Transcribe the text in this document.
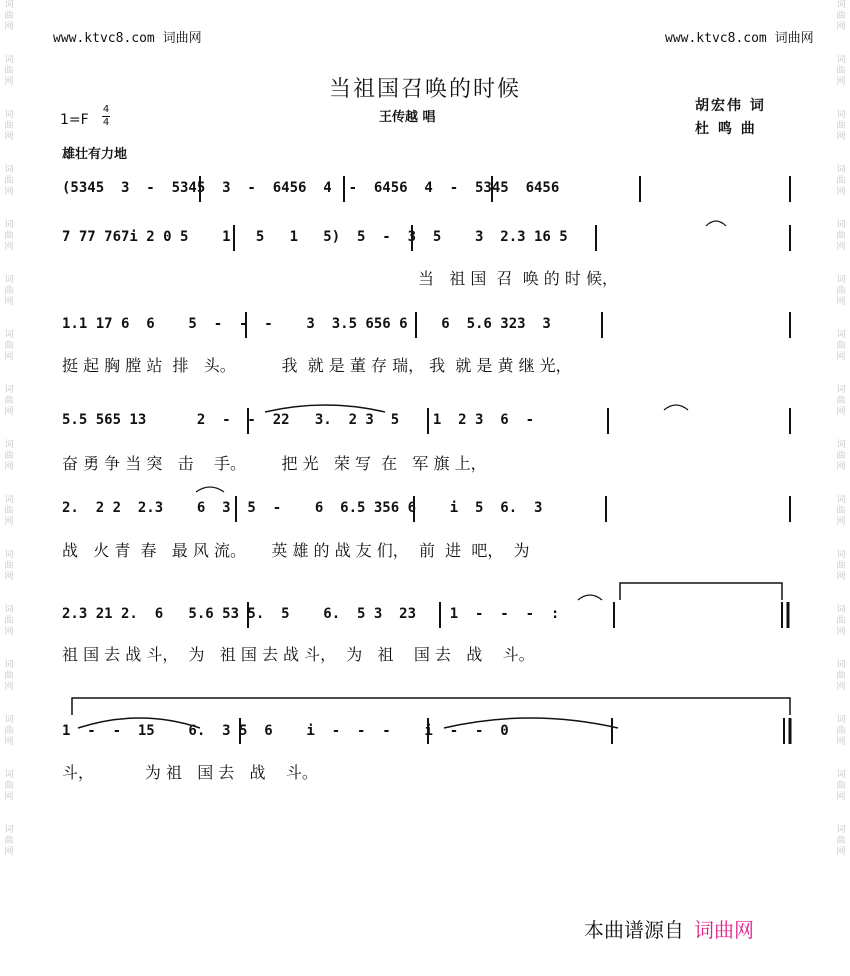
词
曲
网
词
曲
网
词
曲
网
词
曲
网
词
曲
网
词
曲
网
词
曲
网
词
曲
网
词
曲
网
词
曲
网
词
曲
网
词
曲
网
词
曲
网
词
曲
网
词
曲
网
词
曲
网
词
曲
网
词
曲
网
词
曲
网
词
曲
网
词
曲
网
词
曲
网
词
曲
网
词
曲
网
词
曲
网
词
曲
网
词
曲
网
词
曲
网
词
曲
网
词
曲
网
词
曲
网
词
曲
网
www.ktvc8.com 词曲网	www.ktvc8.com 词曲网
当祖国召唤的时候
王传越 唱
胡宏伟 词
杜 鸣 曲
1=F
4
4
雄壮有力地
(5345  3  -  5345  3  -  6456  4  -  6456  4  -  5345  6456
7 77 767i 2 0 5    1   5   1   5)  5  -  3  5    3  2.3 16 5
1.1 17 6  6    5  -  -  -    3  3.5 656 6    6  5.6 323  3
5.5 565 13      2  -  -  22   3.  2 3  5    1  2 3  6  -
2.  2 2  2.3    6  3  5  -    6  6.5 356 6    i  5  6.  3
2.3 21 2.  6   5.6 53 5.  5    6.  5 3  23    1  -  -  -  :
1  -  -  15    6.  3 5  6    i  -  -  -    i  -  -  0
当   祖 国  召  唤 的 时 候，
挺 起 胸 膛 站  排   头。         我  就 是 董 存 瑞， 我  就 是 黄 继 光，
奋 勇 争 当 突   击    手。       把 光   荣 写  在   军 旗 上，
战   火 青  春   最 风 流。     英 雄 的 战 友 们，  前  进  吧，  为
祖 国 去 战 斗，  为   祖 国 去 战 斗，  为   祖    国 去   战    斗。
斗，          为 祖   国 去   战    斗。
本曲谱源自 词曲网
